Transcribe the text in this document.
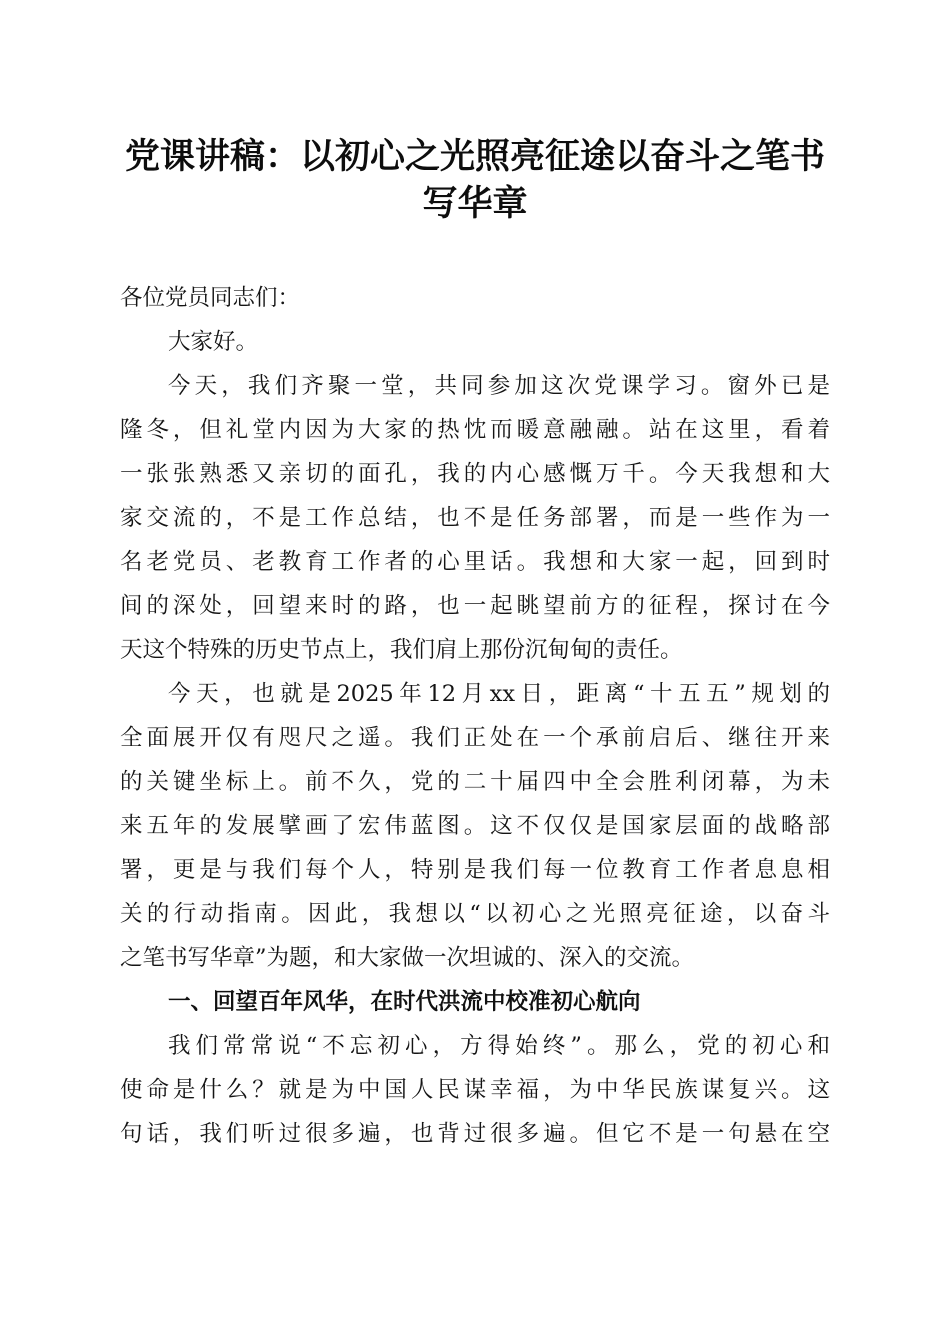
党课讲稿：以初心之光照亮征途以奋斗之笔书
写华章
各位党员同志们：
大家好。
今天，我们齐聚一堂，共同参加这次党课学习。窗外已是
隆冬，但礼堂内因为大家的热忱而暖意融融。站在这里，看着
一张张熟悉又亲切的面孔，我的内心感慨万千。今天我想和大
家交流的，不是工作总结，也不是任务部署，而是一些作为一
名老党员、老教育工作者的心里话。我想和大家一起，回到时
间的深处，回望来时的路，也一起眺望前方的征程，探讨在今
天这个特殊的历史节点上，我们肩上那份沉甸甸的责任。
今天，也就是2025年12月xx日，距离“十五五”规划的
全面展开仅有咫尺之遥。我们正处在一个承前启后、继往开来
的关键坐标上。前不久，党的二十届四中全会胜利闭幕，为未
来五年的发展擘画了宏伟蓝图。这不仅仅是国家层面的战略部
署，更是与我们每个人，特别是我们每一位教育工作者息息相
关的行动指南。因此，我想以“以初心之光照亮征途，以奋斗
之笔书写华章”为题，和大家做一次坦诚的、深入的交流。
一、回望百年风华，在时代洪流中校准初心航向
我们常常说“不忘初心，方得始终”。那么，党的初心和
使命是什么？就是为中国人民谋幸福，为中华民族谋复兴。这
句话，我们听过很多遍，也背过很多遍。但它不是一句悬在空
